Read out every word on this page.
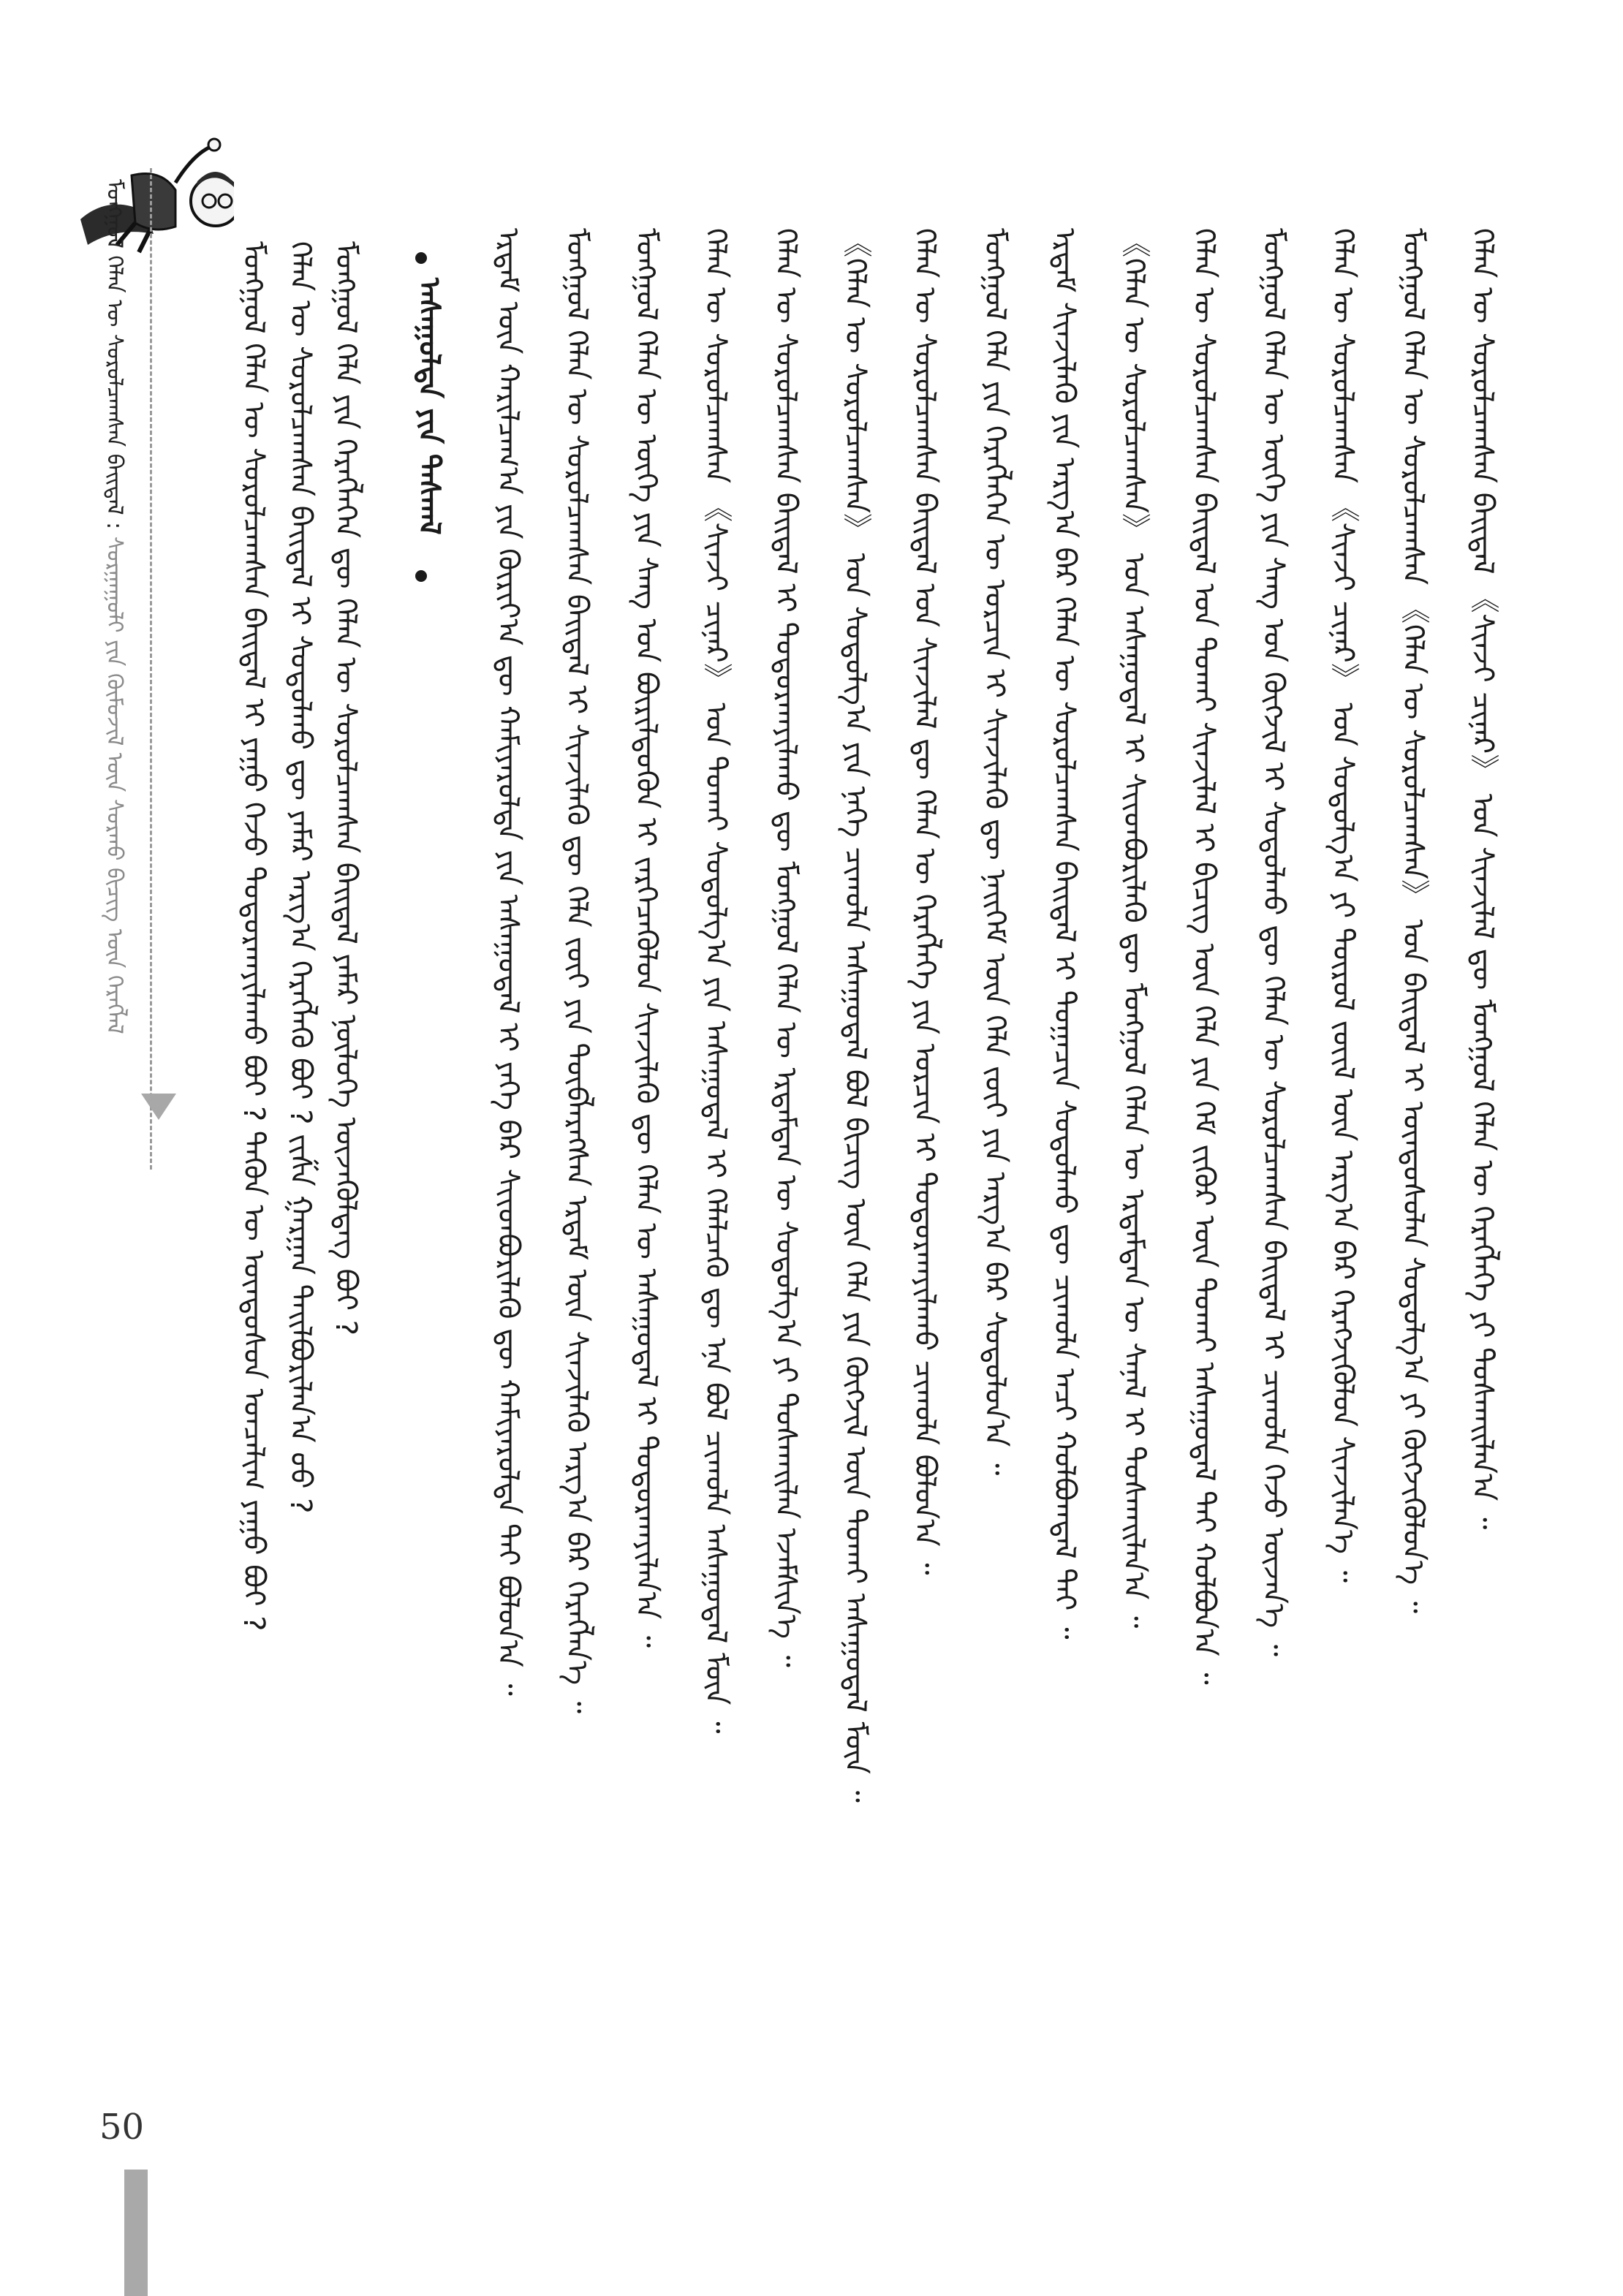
ᠮᠣᠩᠭᠣᠯ ᠬᠡᠯᠡᠨ ᠦ ᠰᠤᠷᠤᠯᠴᠠᠭᠰᠠᠨ ᠪᠠᠢᠳᠠᠯ : ᠰᠤᠷᠭᠠᠭᠤᠯᠢ ᠶᠢᠨ ᠬᠦᠮᠦᠵᠢᠯ ᠦᠨ ᠰᠤᠷᠬᠤ ᠪᠢᠴᠢᠭ ᠦᠨ ᠬᠡᠷᠡᠭᠯᠡᠯ	ᠮᠣᠩᠭᠣᠯ ᠬᠡᠯᠡᠨ ᠦ ᠰᠤᠷᠤᠯᠴᠠᠭᠰᠠᠨ ᠪᠠᠢᠳᠠᠯ ᠢ ᠶᠠᠭᠤ ᠭᠡᠵᠦ ᠲᠣᠳᠣᠷᠬᠠᠶᠢᠯᠠᠬᠤ ᠪᠤᠢ ? ᠲᠡᠭᠦᠨ ᠦ ᠦᠨᠳᠦᠰᠦᠨ ᠣᠨᠴᠠᠯᠢᠭ ᠶᠠᠭᠤ ᠪᠤᠢ ? ᠬᠡᠯᠡᠨ ᠦ ᠰᠤᠷᠤᠯᠴᠠᠭᠰᠠᠨ ᠪᠠᠢᠳᠠᠯ ᠢ ᠰᠤᠳᠤᠯᠬᠤ ᠳᠦ ᠶᠠᠮᠠᠷ ᠠᠷᠭ᠎ᠠ ᠬᠡᠷᠡᠭᠯᠡᠬᠦ ᠪᠤᠢ ? ᠵᠢᠱᠡ ᠭᠠᠷᠭᠠᠨ ᠲᠠᠢᠯᠪᠤᠷᠢᠯᠠᠨ᠎ᠠ ᠤᠤ ? ᠮᠣᠩᠭᠣᠯ ᠬᠡᠯᠡ ᠶᠢᠨ ᠬᠡᠷᠡᠭᠯᠡᠭᠡᠨ ᠳᠦ ᠬᠡᠯᠡᠨ ᠦ ᠰᠤᠷᠤᠯᠴᠠᠭᠰᠠᠨ ᠪᠠᠢᠳᠠᠯ ᠶᠠᠮᠠᠷ ᠨᠥᠯᠦᠭᠡ ᠦᠵᠡᠭᠦᠯᠳᠡᠭ ᠪᠤᠢ ?	ᠠᠰᠠᠭᠤᠯᠲᠠ ᠶᠢᠨ ᠳᠠᠰᠬᠠᠯ	ᠡᠷᠳᠡᠮ ᠦᠨ ᠬᠠᠷᠢᠯᠴᠠᠭ᠎ᠠ ᠶᠢᠨ ᠬᠦᠷᠢᠶ᠎ᠡᠨ ᠳᠦ ᠬᠠᠮᠢᠶᠠᠷᠤᠯᠳᠠ ᠶᠢᠨ ᠠᠰᠠᠭᠤᠳᠠᠯ ᠢ ᠶᠡᠬᠡ ᠪᠡᠷ ᠰᠢᠢᠳᠪᠦᠷᠢᠯᠡᠬᠦ ᠳᠦ ᠬᠠᠮᠢᠶᠠᠷᠤᠯᠳᠠ ᠲᠠᠢ ᠪᠣᠯᠤᠨ᠎ᠠ ᠃	ᠮᠣᠩᠭᠣᠯ ᠬᠡᠯᠡᠨ ᠦ ᠰᠤᠷᠤᠯᠴᠠᠭᠰᠠᠨ ᠪᠠᠢᠳᠠᠯ ᠢ ᠰᠢᠨᠵᠢᠯᠡᠬᠦ ᠳᠦ ᠬᠡᠯᠡ ᠵᠦᠢ ᠶᠢᠨ ᠲᠥᠪᠯᠡᠷᠡᠭᠰᠡᠨ ᠡᠷᠳᠡᠮ ᠦᠨ ᠰᠢᠨᠵᠢᠯᠡᠬᠦ ᠠᠷᠭ᠎ᠠ ᠪᠠᠷ ᠬᠡᠷᠡᠭᠯᠡᠨ᠎ᠡ ᠃	ᠮᠣᠩᠭᠣᠯ ᠬᠡᠯᠡᠨ ᠦ ᠦᠭᠡ ᠶᠢᠨ ᠰᠠᠩ ᠤᠨ ᠪᠦᠷᠢᠯᠳᠦᠬᠦᠨ ᠢ ᠵᠡᠷᠭᠡᠴᠡᠭᠦᠯᠦᠨ ᠰᠢᠨᠵᠢᠯᠡᠬᠦ ᠳᠦ ᠬᠡᠯᠡᠨ ᠦ ᠠᠰᠠᠭᠤᠳᠠᠯ ᠢ ᠲᠣᠳᠣᠷᠬᠠᠶᠢᠯᠠᠨ᠎ᠠ ᠃	ᠬᠡᠯᠡᠨ ᠦ ᠰᠤᠷᠤᠯᠴᠠᠭᠰᠠᠨ 《ᠰᠢᠨᠵᠢ ᠴᠢᠨᠠᠷ》 ᠤᠨ ᠲᠤᠬᠠᠢ ᠰᠤᠳᠤᠯᠭ᠎ᠠ ᠶᠢᠨ ᠠᠰᠠᠭᠤᠳᠠᠯ ᠢ ᠬᠡᠯᠡᠯᠴᠡᠬᠦ ᠳᠦ ᠡᠨᠡ ᠪᠣᠯ ᠴᠢᠬᠤᠯᠠ ᠠᠰᠠᠭᠤᠳᠠᠯ ᠮᠥᠨ ᠃	ᠬᠡᠯᠡᠨ ᠦ ᠰᠤᠷᠤᠯᠴᠠᠭᠰᠠᠨ ᠪᠠᠢᠳᠠᠯ ᠢ ᠲᠣᠳᠣᠷᠬᠠᠶᠢᠯᠠᠬᠤ ᠳᠦ ᠮᠣᠩᠭᠣᠯ ᠬᠡᠯᠡᠨ ᠦ ᠡᠷᠳᠡᠮᠲᠡᠨ ᠦ ᠰᠤᠳᠤᠯᠭ᠎ᠠ ᠶᠢ ᠲᠤᠰᠬᠠᠢᠯᠠᠨ ᠡᠵᠡᠮᠰᠢᠨ᠎ᠡ ᠃	《ᠬᠡᠯᠡᠨ ᠦ ᠰᠤᠷᠤᠯᠴᠠᠭᠰᠠᠨ》 ᠤᠨ ᠰᠤᠳᠤᠯᠭ᠎ᠠ ᠶᠢᠨ ᠨᠡᠭᠡ ᠴᠢᠬᠤᠯᠠ ᠠᠰᠠᠭᠤᠳᠠᠯ ᠪᠣᠯ ᠪᠢᠴᠢᠭ ᠦᠨ ᠬᠡᠯᠡ ᠶᠢᠨ ᠬᠥᠭᠵᠢᠯ ᠦᠨ ᠲᠤᠬᠠᠢ ᠠᠰᠠᠭᠤᠳᠠᠯ ᠮᠥᠨ ᠃	ᠬᠡᠯᠡᠨ ᠦ ᠰᠤᠷᠤᠯᠴᠠᠭᠰᠠᠨ ᠪᠠᠢᠳᠠᠯ ᠤᠨ ᠰᠢᠨᠵᠢᠯᠡᠯ ᠳᠦ ᠬᠡᠯᠡᠨ ᠦ ᠬᠡᠷᠡᠭᠯᠡᠭᠡ ᠶᠢᠨ ᠣᠷᠴᠢᠨ ᠢ ᠲᠣᠳᠣᠷᠬᠠᠶᠢᠯᠠᠬᠤ ᠴᠢᠬᠤᠯᠠ ᠪᠣᠯᠤᠨ᠎ᠠ ᠃	ᠮᠣᠩᠭᠣᠯ ᠬᠡᠯᠡ ᠶᠢᠨ ᠬᠡᠷᠡᠭᠯᠡᠭᠡᠨ ᠦ ᠣᠷᠴᠢᠨ ᠢ ᠰᠢᠨᠵᠢᠯᠡᠬᠦ ᠳᠦ ᠨᠡᠢᠭᠡᠮ ᠦᠨ ᠬᠡᠯᠡ ᠵᠦᠢ ᠶᠢᠨ ᠠᠷᠭ᠎ᠠ ᠪᠠᠷ ᠰᠤᠳᠤᠯᠤᠨ᠎ᠠ ᠃	ᠡᠷᠳᠡᠮ ᠰᠢᠨᠵᠢᠯᠡᠬᠦ ᠶᠢᠨ ᠠᠷᠭ᠎ᠠ ᠪᠠᠷ ᠬᠡᠯᠡᠨ ᠦ ᠰᠤᠷᠤᠯᠴᠠᠭᠰᠠᠨ ᠪᠠᠢᠳᠠᠯ ᠢ ᠲᠣᠭᠠᠴᠢᠨ ᠰᠤᠳᠤᠯᠬᠤ ᠳᠦ ᠴᠢᠬᠤᠯᠠ ᠠᠴᠢ ᠬᠣᠯᠪᠣᠭᠳᠠᠯ ᠲᠠᠢ ᠃	《ᠬᠡᠯᠡᠨ ᠦ ᠰᠤᠷᠤᠯᠴᠠᠭᠰᠠᠨ》 ᠤᠨ ᠠᠰᠠᠭᠤᠳᠠᠯ ᠢ ᠰᠢᠢᠳᠪᠦᠷᠢᠯᠡᠬᠦ ᠳᠦ ᠮᠣᠩᠭᠣᠯ ᠬᠡᠯᠡᠨ ᠦ ᠡᠷᠳᠡᠮᠲᠡᠨ ᠦ ᠰᠠᠨᠠᠯ ᠢ ᠲᠤᠰᠬᠠᠢᠯᠠᠨ᠎ᠠ ᠃	ᠬᠡᠯᠡᠨ ᠦ ᠰᠤᠷᠤᠯᠴᠠᠭᠰᠠᠨ ᠪᠠᠢᠳᠠᠯ ᠤᠨ ᠲᠤᠬᠠᠢ ᠰᠢᠨᠵᠢᠯᠡᠯ ᠢ ᠪᠢᠴᠢᠭ ᠦᠨ ᠬᠡᠯᠡ ᠶᠢᠨ ᠬᠡᠮ ᠵᠢᠭᠦᠷ ᠦᠨ ᠲᠤᠬᠠᠢ ᠠᠰᠠᠭᠤᠳᠠᠯ ᠲᠠᠢ ᠬᠣᠯᠪᠣᠨ᠎ᠠ ᠃	ᠮᠣᠩᠭᠣᠯ ᠬᠡᠯᠡᠨ ᠦ ᠦᠭᠡ ᠶᠢᠨ ᠰᠠᠩ ᠤᠨ ᠬᠥᠭᠵᠢᠯ ᠢ ᠰᠤᠳᠤᠯᠬᠤ ᠳᠦ ᠬᠡᠯᠡᠨ ᠦ ᠰᠤᠷᠤᠯᠴᠠᠭᠰᠠᠨ ᠪᠠᠢᠳᠠᠯ ᠢ ᠴᠢᠬᠤᠯᠠ ᠭᠡᠵᠦ ᠦᠵᠡᠨ᠎ᠡ ᠃	ᠬᠡᠯᠡᠨ ᠦ ᠰᠤᠷᠤᠯᠴᠠᠭᠰᠠᠨ 《ᠰᠢᠨᠵᠢ ᠴᠢᠨᠠᠷ》 ᠤᠨ ᠰᠤᠳᠤᠯᠭ᠎ᠠ ᠶᠢ ᠲᠥᠷᠦᠯ ᠵᠦᠢᠯ ᠦᠨ ᠠᠷᠭ᠎ᠠ ᠪᠠᠷ ᠬᠡᠷᠡᠭᠵᠢᠭᠦᠯᠦᠨ ᠰᠢᠨᠵᠢᠯᠡᠨ᠎ᠡ ᠃	ᠮᠣᠩᠭᠣᠯ ᠬᠡᠯᠡᠨ ᠦ ᠰᠤᠷᠤᠯᠴᠠᠭᠰᠠᠨ 《ᠬᠡᠯᠡᠨ ᠦ ᠰᠤᠷᠤᠯᠴᠠᠭᠰᠠᠨ》 ᠤᠨ ᠪᠠᠢᠳᠠᠯ ᠢ ᠦᠨᠳᠦᠰᠦᠯᠡᠨ ᠰᠤᠳᠤᠯᠭ᠎ᠠ ᠶᠢ ᠬᠥᠭᠵᠢᠭᠦᠯᠦᠨ᠎ᠡ ᠃	ᠬᠡᠯᠡᠨ ᠦ ᠰᠤᠷᠤᠯᠴᠠᠭᠰᠠᠨ ᠪᠠᠢᠳᠠᠯ 《ᠰᠢᠨᠵᠢ ᠴᠢᠨᠠᠷ》 ᠤᠨ ᠰᠢᠨᠵᠢᠯᠡᠯ ᠳᠦ ᠮᠣᠩᠭᠣᠯ ᠬᠡᠯᠡᠨ ᠦ ᠬᠡᠷᠡᠭᠯᠡᠭᠡ ᠶᠢ ᠲᠤᠰᠬᠠᠢᠯᠠᠨ᠎ᠠ ᠃
50
